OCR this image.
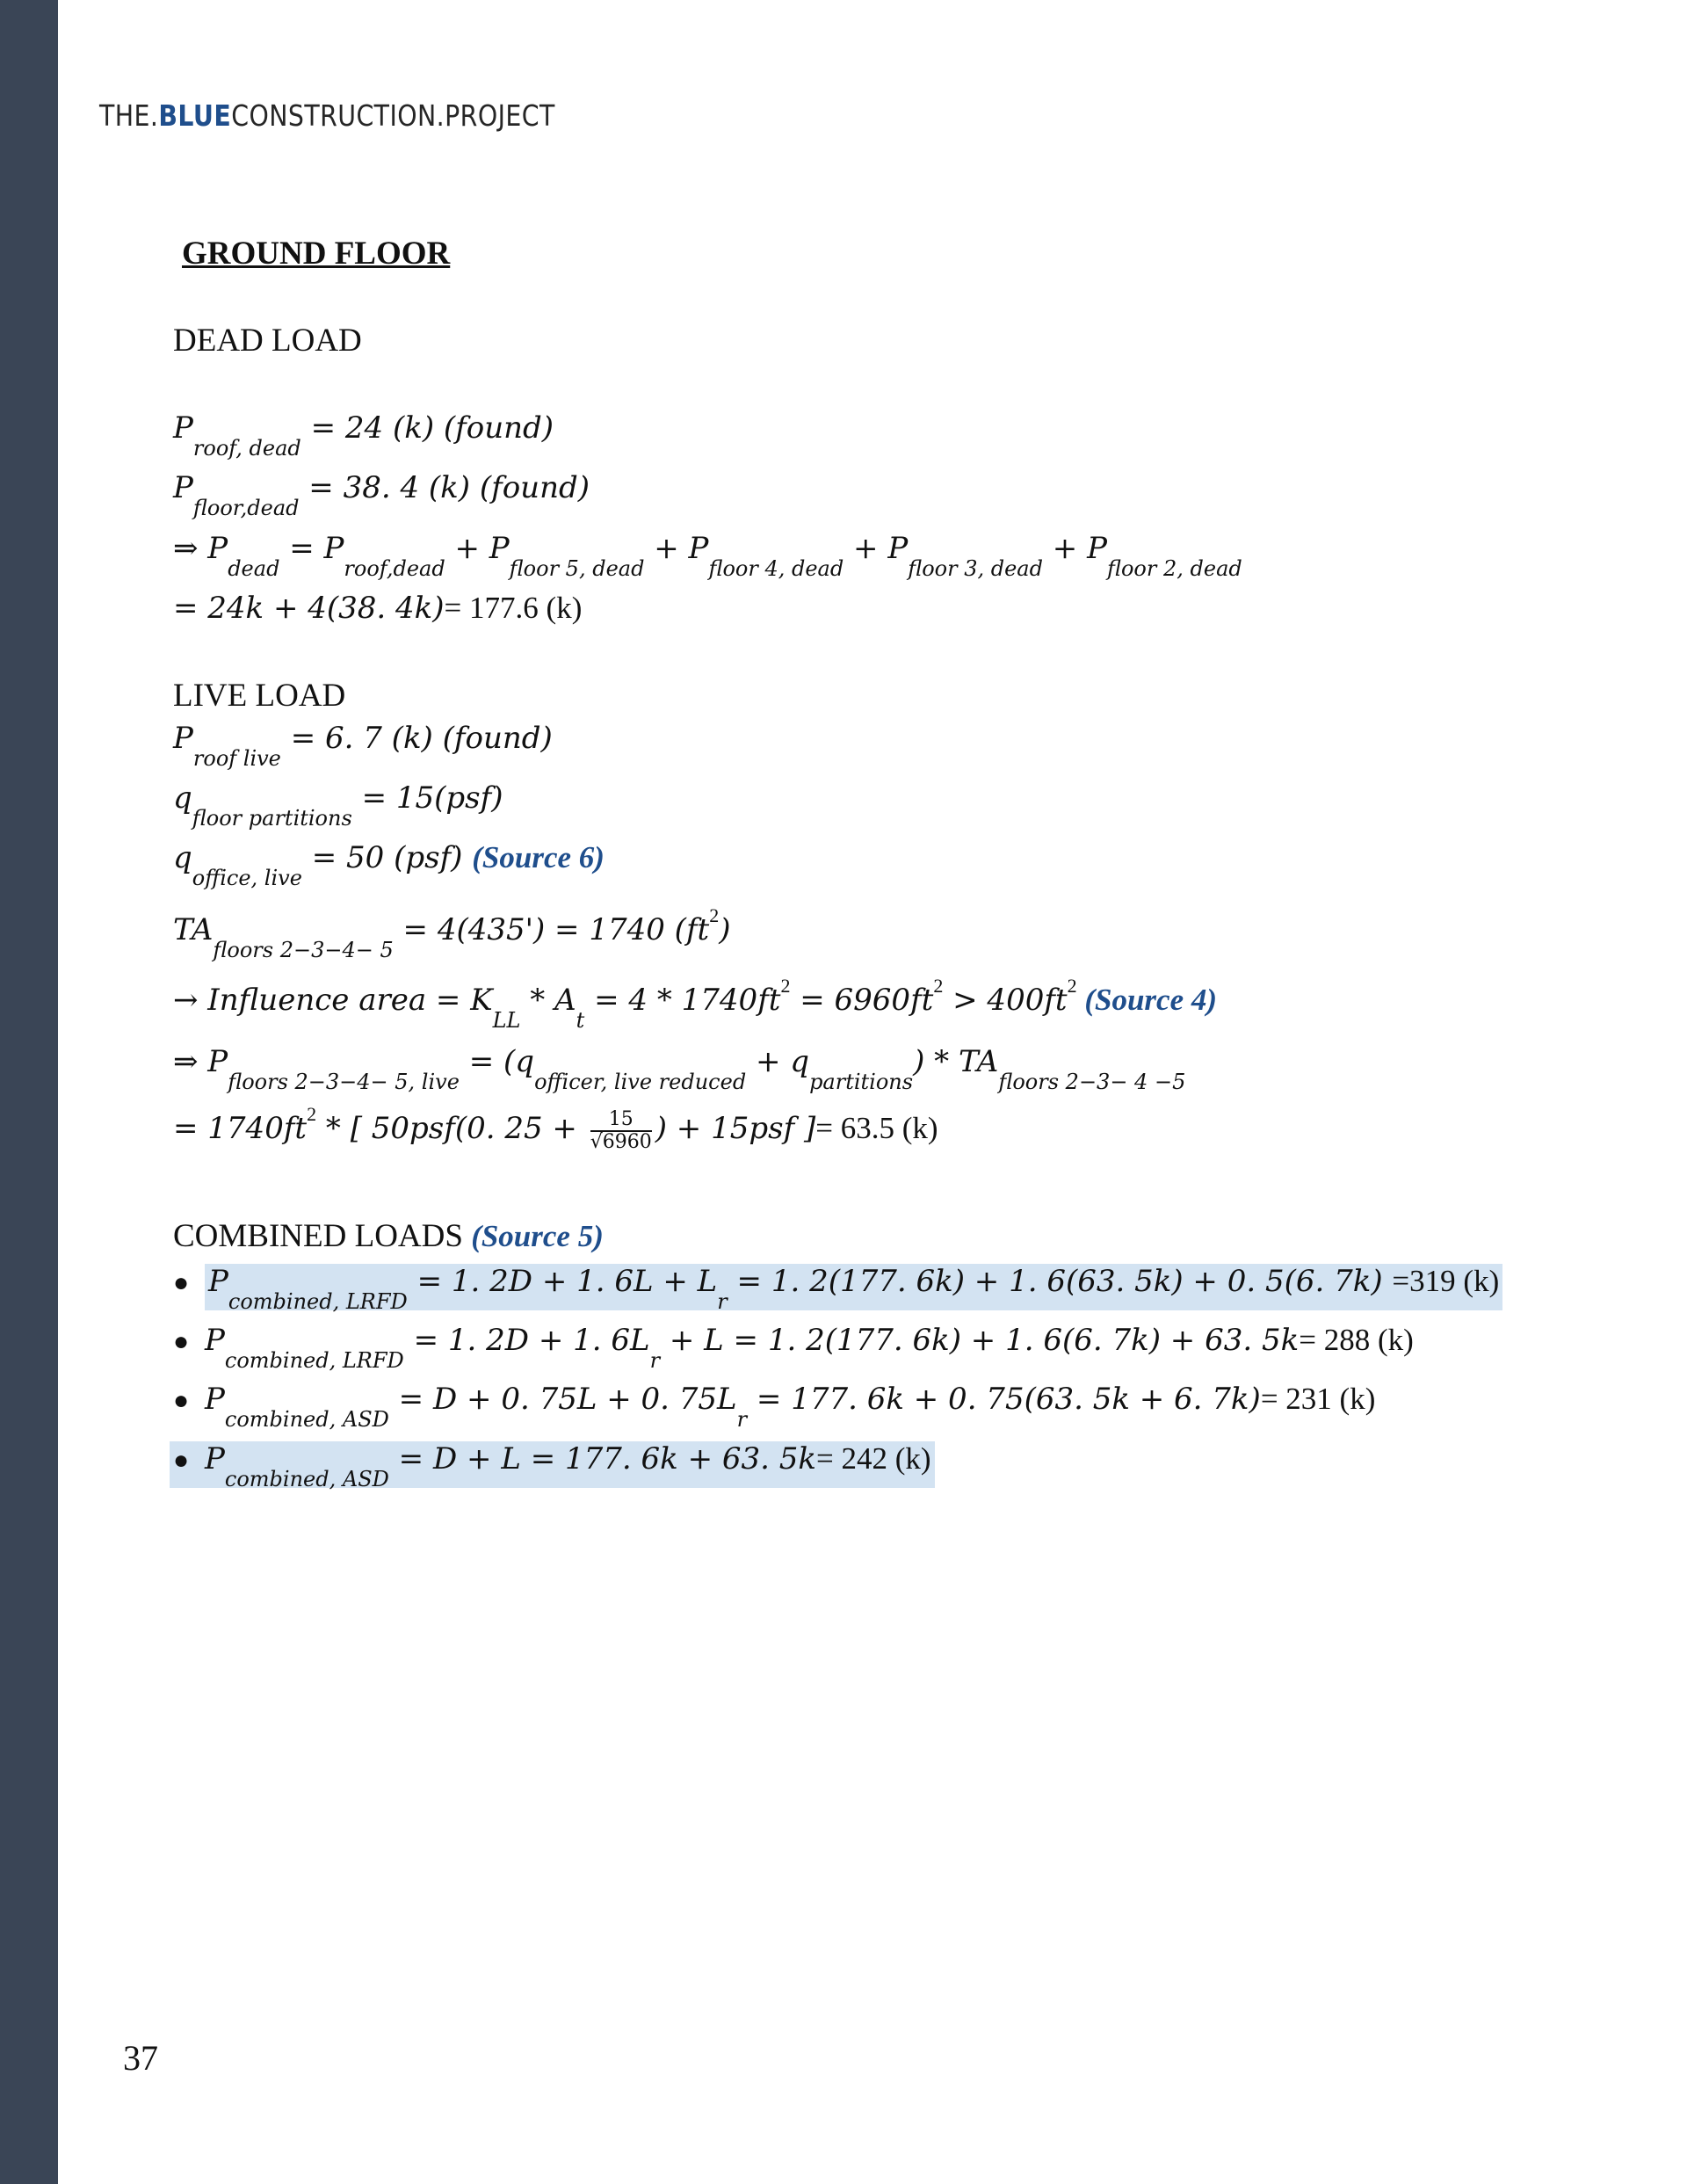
THE.BLUECONSTRUCTION.PROJECT
GROUND FLOOR
DEAD LOAD
$P_{roof, dead} = 24$ (k) (found)
$P_{floor,dead} = 38$. 4 (k) (found)
⇒ $P_{dead} = P_{roof,dead} + P_{floor 5, dead} + P_{floor 4, dead} + P_{floor 3, dead} + P_{floor 2, dead}$
= 24k + 4(38. 4k)= 177.6 (k)
LIVE LOAD
$P_{roof live} = 6$. 7 (k) (found)
$q_{floor partitions} = 15(psf)$
$q_{office, live} = 50$ (psf) (Source 6)
$TA_{floors 2-3-4- 5} = 4(435') = 1740$ $(ft^2)$
→ Influence area = $K_{LL} * A_t = 4 * 1740ft^2 = 6960ft^2 > 400ft^2$ (Source 4)
⇒ $P_{floors 2-3-4- 5, live} = (q_{officer, live reduced} + q_{partitions}) * TA_{floors 2-3- 4 -5}$
= $1740ft^2$ * [ 50psf(0. $25 + \frac{15}{√6960}$ ) + 15psf ]= 63.5 (k)
COMBINED LOADS (Source 5)
● $P_{combined, LRFD} = 1$. 2D + 1. $6L + L_r = 1$. 2(177. 6k) + 1. 6(63. 5k) + 0. 5(6. 7k) =319 (k)
● $P_{combined, LRFD} = 1$. 2D + 1. $6L_r + L = 1$. 2(177. 6k) + 1. 6(6. 7k) + 63. 5k= 288 (k)
● $P_{combined, ASD} = D + 0$. 75L + 0. $75L_r = 177$. 6k + 0. 75(63. 5k + 6. 7k)= 231 (k)
● $P_{combined, ASD} = D + L = 177$. 6k + 63. 5k= 242 (k)
37
